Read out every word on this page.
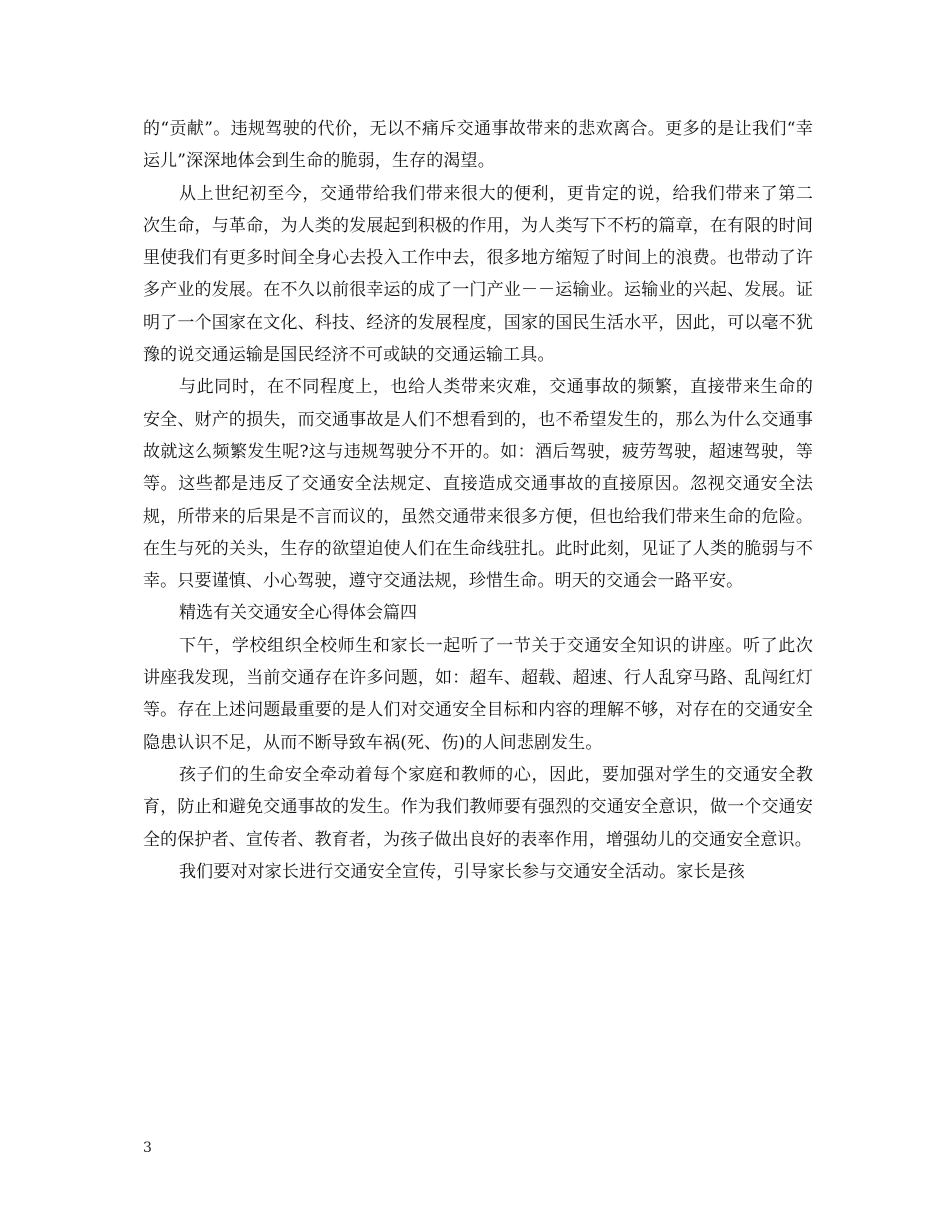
的“贡献”。违规驾驶的代价，无以不痛斥交通事故带来的悲欢离合。更多的是让我们“幸运儿”深深地体会到生命的脆弱，生存的渴望。

从上世纪初至今，交通带给我们带来很大的便利，更肯定的说，给我们带来了第二次生命，与革命，为人类的发展起到积极的作用，为人类写下不朽的篇章，在有限的时间里使我们有更多时间全身心去投入工作中去，很多地方缩短了时间上的浪费。也带动了许多产业的发展。在不久以前很幸运的成了一门产业－－运输业。运输业的兴起、发展。证明了一个国家在文化、科技、经济的发展程度，国家的国民生活水平，因此，可以毫不犹豫的说交通运输是国民经济不可或缺的交通运输工具。

与此同时，在不同程度上，也给人类带来灾难，交通事故的频繁，直接带来生命的安全、财产的损失，而交通事故是人们不想看到的，也不希望发生的，那么为什么交通事故就这么频繁发生呢?这与违规驾驶分不开的。如：酒后驾驶，疲劳驾驶，超速驾驶，等等。这些都是违反了交通安全法规定、直接造成交通事故的直接原因。忽视交通安全法规，所带来的后果是不言而议的，虽然交通带来很多方便，但也给我们带来生命的危险。在生与死的关头，生存的欲望迫使人们在生命线驻扎。此时此刻，见证了人类的脆弱与不幸。只要谨慎、小心驾驶，遵守交通法规，珍惜生命。明天的交通会一路平安。

精选有关交通安全心得体会篇四

下午，学校组织全校师生和家长一起听了一节关于交通安全知识的讲座。听了此次讲座我发现，当前交通存在许多问题，如：超车、超载、超速、行人乱穿马路、乱闯红灯等。存在上述问题最重要的是人们对交通安全目标和内容的理解不够，对存在的交通安全隐患认识不足，从而不断导致车祸(死、伤)的人间悲剧发生。

孩子们的生命安全牵动着每个家庭和教师的心，因此，要加强对学生的交通安全教育，防止和避免交通事故的发生。作为我们教师要有强烈的交通安全意识，做一个交通安全的保护者、宣传者、教育者，为孩子做出良好的表率作用，增强幼儿的交通安全意识。

我们要对对家长进行交通安全宣传，引导家长参与交通安全活动。家长是孩

3
